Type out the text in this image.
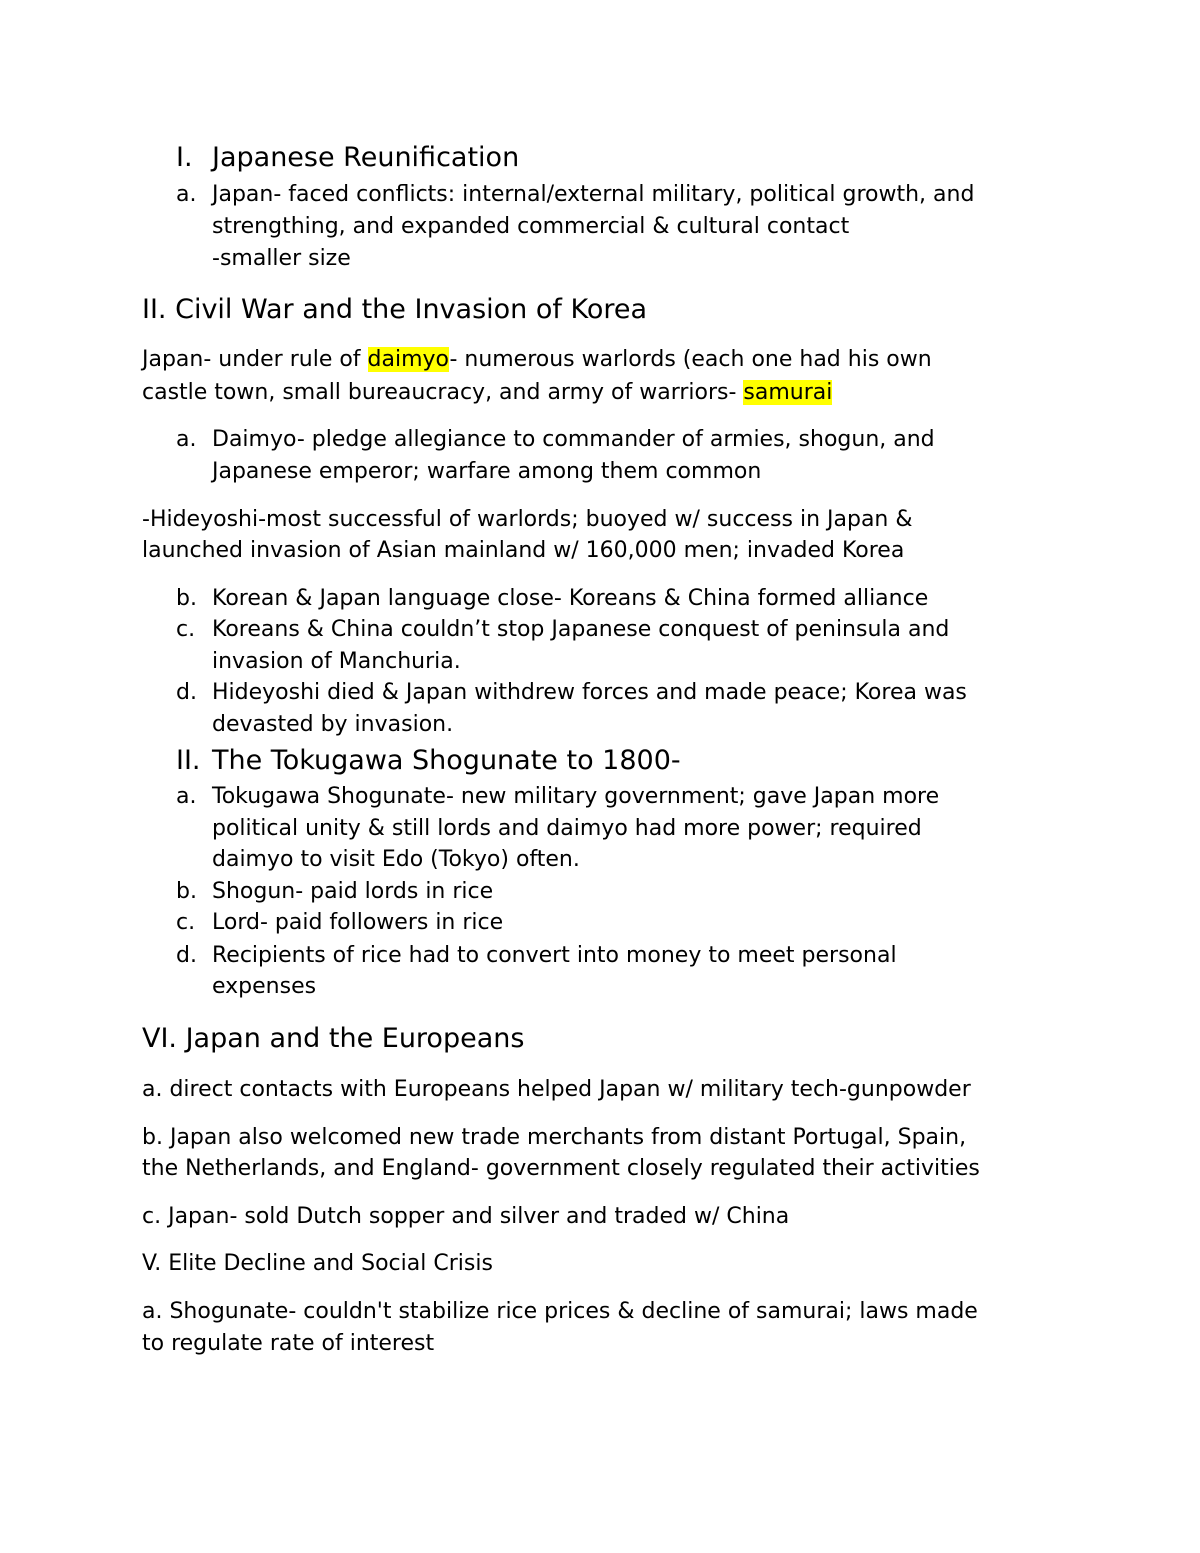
I. Japanese Reunification
a. Japan- faced conflicts: internal/external military, political growth, and
strengthing, and expanded commercial & cultural contact
-smaller size
II. Civil War and the Invasion of Korea
Japan- under rule of daimyo- numerous warlords (each one had his own
castle town, small bureaucracy, and army of warriors- samurai
a. Daimyo- pledge allegiance to commander of armies, shogun, and
Japanese emperor; warfare among them common
-Hideyoshi-most successful of warlords; buoyed w/ success in Japan &
launched invasion of Asian mainland w/ 160,000 men; invaded Korea
b. Korean & Japan language close- Koreans & China formed alliance
c. Koreans & China couldn’t stop Japanese conquest of peninsula and
invasion of Manchuria.
d. Hideyoshi died & Japan withdrew forces and made peace; Korea was
devasted by invasion.
II. The Tokugawa Shogunate to 1800-
a. Tokugawa Shogunate- new military government; gave Japan more
political unity & still lords and daimyo had more power; required
daimyo to visit Edo (Tokyo) often.
b. Shogun- paid lords in rice
c. Lord- paid followers in rice
d. Recipients of rice had to convert into money to meet personal
expenses
VI. Japan and the Europeans
a. direct contacts with Europeans helped Japan w/ military tech-gunpowder
b. Japan also welcomed new trade merchants from distant Portugal, Spain,
the Netherlands, and England- government closely regulated their activities
c. Japan- sold Dutch sopper and silver and traded w/ China
V. Elite Decline and Social Crisis
a. Shogunate- couldn't stabilize rice prices & decline of samurai; laws made
to regulate rate of interest
